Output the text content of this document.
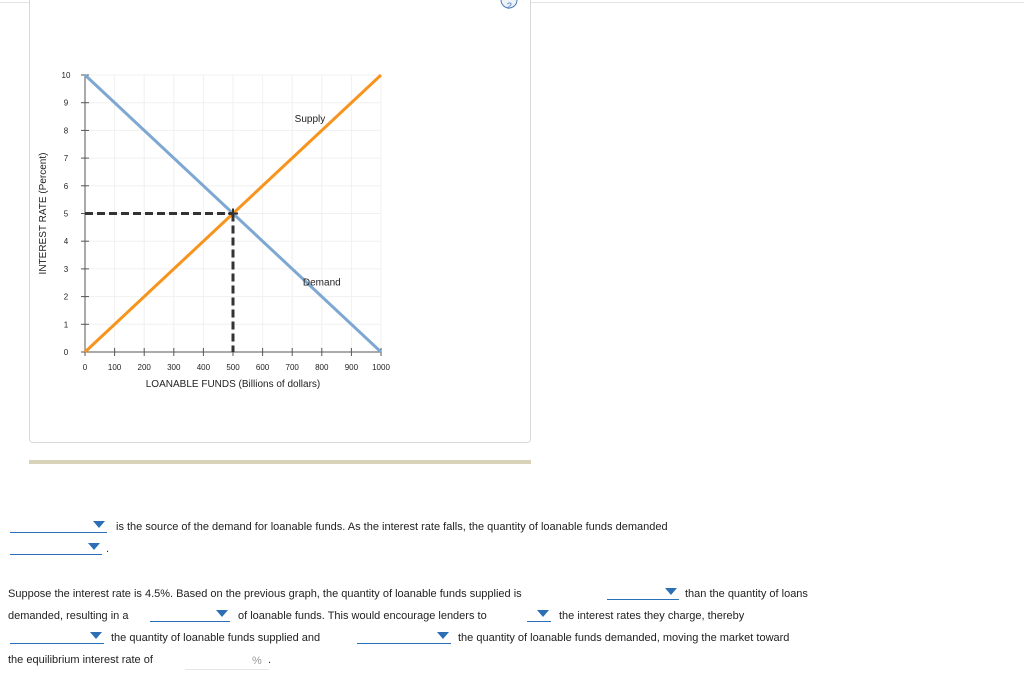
?
0	100 200 300 400 500 600 700 800 900 1000
0
1
2
3
4
5
6
7
8
9
10
LOANABLE FUNDS (Billions of dollars)
INTEREST RATE (Percent)
Supply
Demand
is the source of the demand for loanable funds. As the interest rate falls, the quantity of loanable funds demanded
.
Suppose the interest rate is 4.5%. Based on the previous graph, the quantity of loanable funds supplied is	than the quantity of loans
demanded, resulting in a	of loanable funds. This would encourage lenders to	the interest rates they charge, thereby
the quantity of loanable funds supplied and	the quantity of loanable funds demanded, moving the market toward
the equilibrium interest rate of	% .
